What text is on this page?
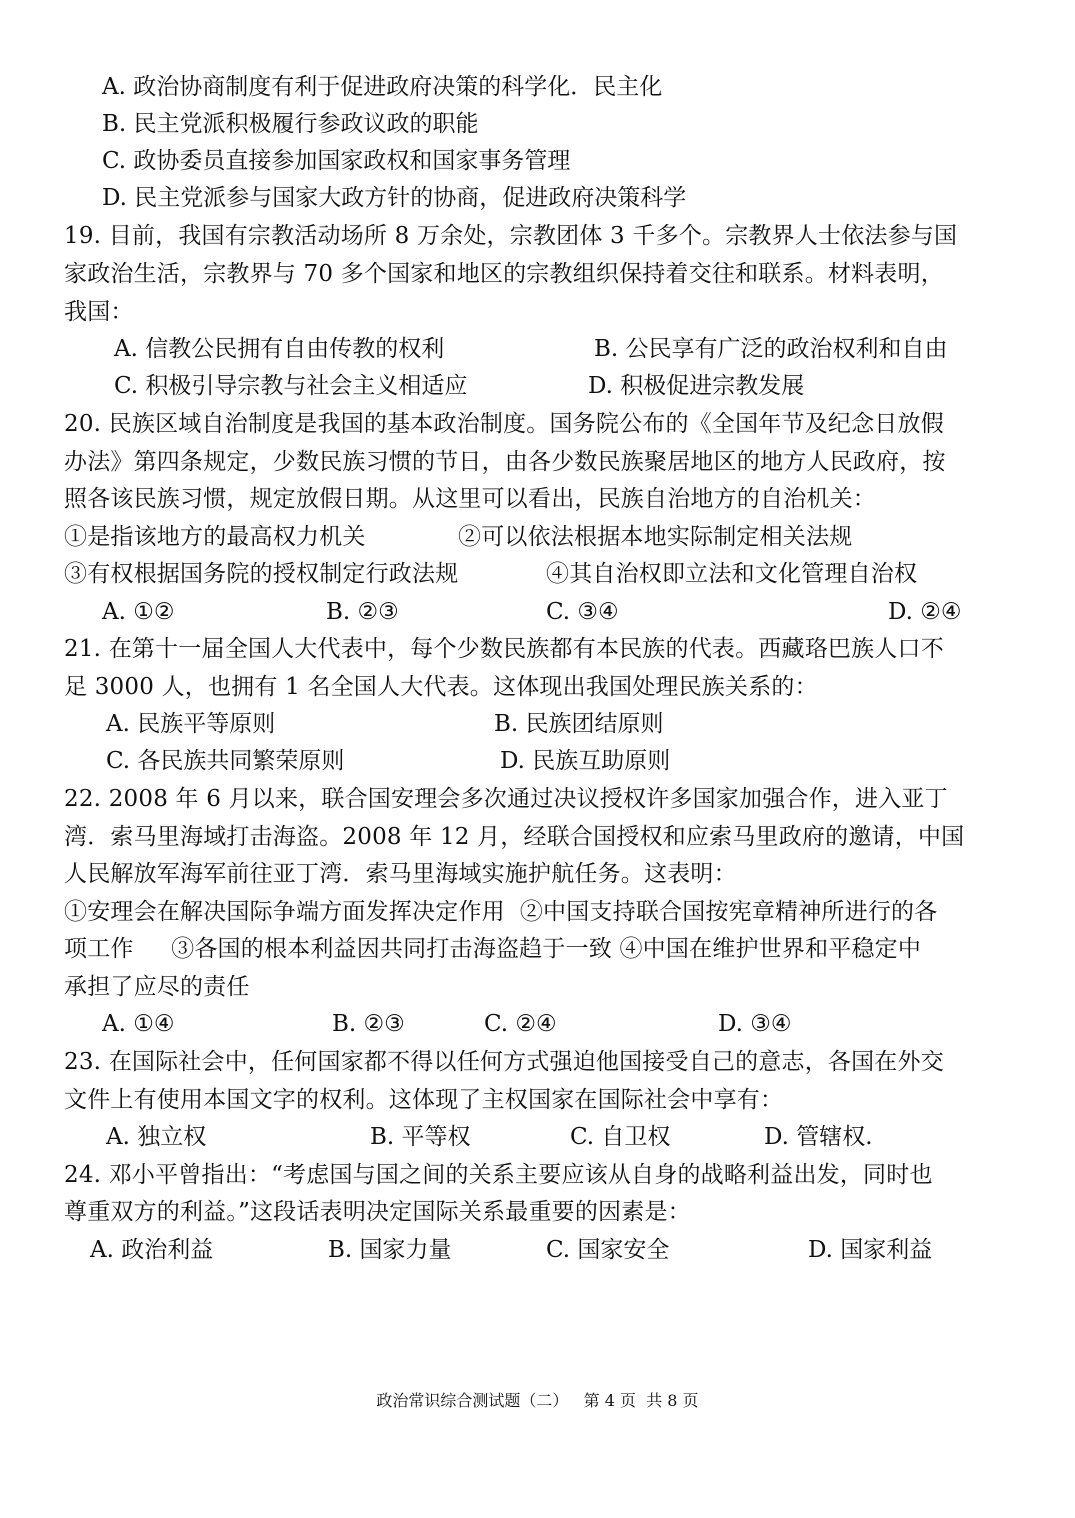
A. 政治协商制度有利于促进政府决策的科学化．民主化
B. 民主党派积极履行参政议政的职能
C. 政协委员直接参加国家政权和国家事务管理
D. 民主党派参与国家大政方针的协商，促进政府决策科学
19. 目前，我国有宗教活动场所 8 万余处，宗教团体 3 千多个。宗教界人士依法参与国
家政治生活，宗教界与 70 多个国家和地区的宗教组织保持着交往和联系。材料表明，
我国：
A. 信教公民拥有自由传教的权利	B. 公民享有广泛的政治权利和自由
C. 积极引导宗教与社会主义相适应	D. 积极促进宗教发展
20. 民族区域自治制度是我国的基本政治制度。国务院公布的《全国年节及纪念日放假
办法》第四条规定，少数民族习惯的节日，由各少数民族聚居地区的地方人民政府，按
照各该民族习惯，规定放假日期。从这里可以看出，民族自治地方的自治机关：
①是指该地方的最高权力机关	②可以依法根据本地实际制定相关法规
③有权根据国务院的授权制定行政法规	④其自治权即立法和文化管理自治权
A. ①②	B. ②③	C. ③④	D. ②④
21. 在第十一届全国人大代表中，每个少数民族都有本民族的代表。西藏珞巴族人口不
足 3000 人，也拥有 1 名全国人大代表。这体现出我国处理民族关系的：
A. 民族平等原则	B. 民族团结原则
C. 各民族共同繁荣原则	D. 民族互助原则
22. 2008 年 6 月以来，联合国安理会多次通过决议授权许多国家加强合作，进入亚丁
湾．索马里海域打击海盗。2008 年 12 月，经联合国授权和应索马里政府的邀请，中国
人民解放军海军前往亚丁湾．索马里海域实施护航任务。这表明：
①安理会在解决国际争端方面发挥决定作用  ②中国支持联合国按宪章精神所进行的各
项工作     ③各国的根本利益因共同打击海盗趋于一致 ④中国在维护世界和平稳定中
承担了应尽的责任
A. ①④	B. ②③	C. ②④	D. ③④
23. 在国际社会中，任何国家都不得以任何方式强迫他国接受自己的意志，各国在外交
文件上有使用本国文字的权利。这体现了主权国家在国际社会中享有：
A. 独立权	B. 平等权	C. 自卫权	D. 管辖权.
24. 邓小平曾指出：“考虑国与国之间的关系主要应该从自身的战略利益出发，同时也
尊重双方的利益。”这段话表明决定国际关系最重要的因素是：
A. 政治利益	B. 国家力量	C. 国家安全	D. 国家利益
政治常识综合测试题（二）   第 4 页  共 8 页
